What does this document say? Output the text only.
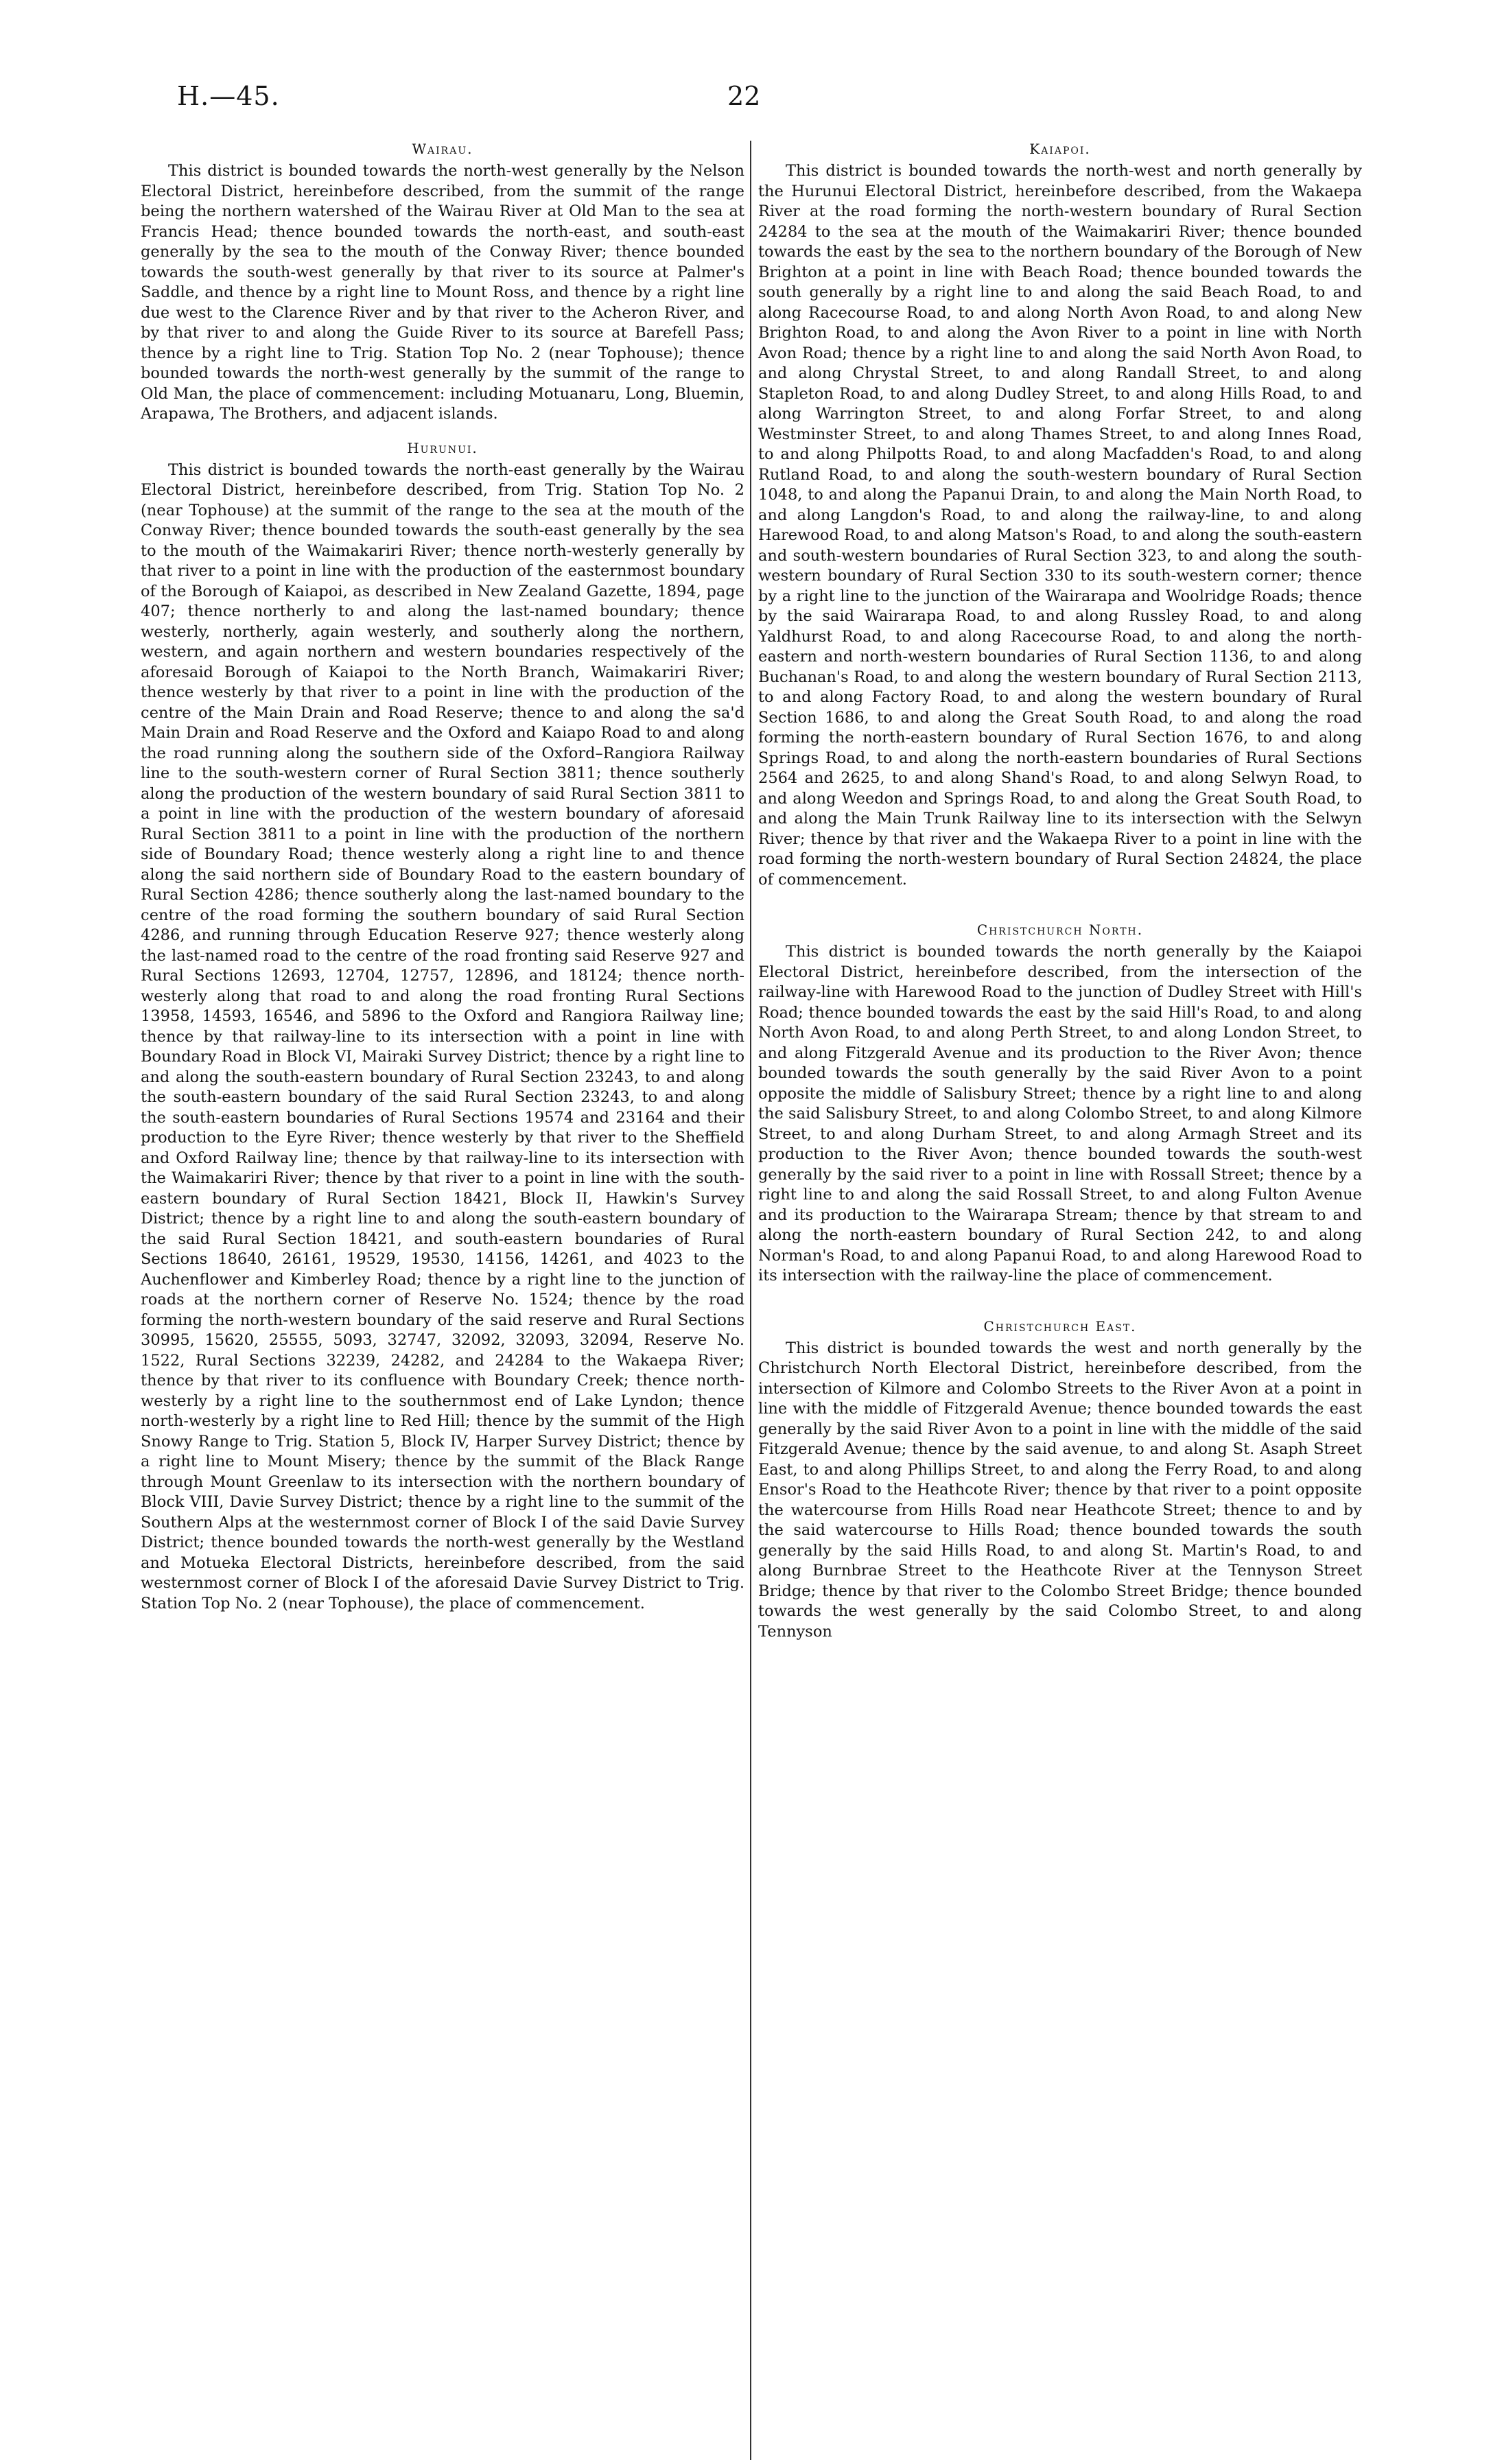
H.—45.	22
Wairau.

This district is bounded towards the north-west generally by the Nelson Electoral District, hereinbefore described, from the summit of the range being the northern watershed of the Wairau River at Old Man to the sea at Francis Head; thence bounded towards the north-east, and south-east generally by the sea to the mouth of the Conway River; thence bounded towards the south-west generally by that river to its source at Palmer's Saddle, and thence by a right line to Mount Ross, and thence by a right line due west to the Clarence River and by that river to the Acheron River, and by that river to and along the Guide River to its source at Barefell Pass; thence by a right line to Trig. Station Top No. 2 (near Tophouse); thence bounded towards the north-west generally by the summit of the range to Old Man, the place of commencement: including Motuanaru, Long, Bluemin, Arapawa, The Brothers, and adjacent islands.

Hurunui.

This district is bounded towards the north-east generally by the Wairau Electoral District, hereinbefore described, from Trig. Station Top No. 2 (near Tophouse) at the summit of the range to the sea at the mouth of the Conway River; thence bounded towards the south-east generally by the sea to the mouth of the Waimakariri River; thence north-westerly generally by that river to a point in line with the production of the easternmost boundary of the Borough of Kaiapoi, as described in New Zealand Gazette, 1894, page 407; thence northerly to and along the last-named boundary; thence westerly, northerly, again westerly, and southerly along the northern, western, and again northern and western boundaries respectively of the aforesaid Borough of Kaiapoi to the North Branch, Waimakariri River; thence westerly by that river to a point in line with the production of the centre of the Main Drain and Road Reserve; thence to and along the sa'd Main Drain and Road Reserve and the Oxford and Kaiapo Road to and along the road running along the southern side of the Oxford–Rangiora Railway line to the south-western corner of Rural Section 3811; thence southerly along the production of the western boundary of said Rural Section 3811 to a point in line with the production of the western boundary of aforesaid Rural Section 3811 to a point in line with the production of the northern side of Boundary Road; thence westerly along a right line to and thence along the said northern side of Boundary Road to the eastern boundary of Rural Section 4286; thence southerly along the last-named boundary to the centre of the road forming the southern boundary of said Rural Section 4286, and running through Education Reserve 927; thence westerly along the last-named road to the centre of the road fronting said Reserve 927 and Rural Sections 12693, 12704, 12757, 12896, and 18124; thence north-westerly along that road to and along the road fronting Rural Sections 13958, 14593, 16546, and 5896 to the Oxford and Rangiora Railway line; thence by that railway-line to its intersection with a point in line with Boundary Road in Block VI, Mairaki Survey District; thence by a right line to and along the south-eastern boundary of Rural Section 23243, to and along the south-eastern boundary of the said Rural Section 23243, to and along the south-eastern boundaries of Rural Sections 19574 and 23164 and their production to the Eyre River; thence westerly by that river to the Sheffield and Oxford Railway line; thence by that railway-line to its intersection with the Waimakariri River; thence by that river to a point in line with the south-eastern boundary of Rural Section 18421, Block II, Hawkin's Survey District; thence by a right line to and along the south-eastern boundary of the said Rural Section 18421, and south-eastern boundaries of Rural Sections 18640, 26161, 19529, 19530, 14156, 14261, and 4023 to the Auchenflower and Kimberley Road; thence by a right line to the junction of roads at the northern corner of Reserve No. 1524; thence by the road forming the north-western boundary of the said reserve and Rural Sections 30995, 15620, 25555, 5093, 32747, 32092, 32093, 32094, Reserve No. 1522, Rural Sections 32239, 24282, and 24284 to the Wakaepa River; thence by that river to its confluence with Boundary Creek; thence north-westerly by a right line to the southernmost end of Lake Lyndon; thence north-westerly by a right line to Red Hill; thence by the summit of the High Snowy Range to Trig. Station 5, Block IV, Harper Survey District; thence by a right line to Mount Misery; thence by the summit of the Black Range through Mount Greenlaw to its intersection with the northern boundary of Block VIII, Davie Survey District; thence by a right line to the summit of the Southern Alps at the westernmost corner of Block I of the said Davie Survey District; thence bounded towards the north-west generally by the Westland and Motueka Electoral Districts, hereinbefore described, from the said westernmost corner of Block I of the aforesaid Davie Survey District to Trig. Station Top No. 2 (near Tophouse), the place of commencement.

Kaiapoi.

This district is bounded towards the north-west and north generally by the Hurunui Electoral District, hereinbefore described, from the Wakaepa River at the road forming the north-western boundary of Rural Section 24284 to the sea at the mouth of the Waimakariri River; thence bounded towards the east by the sea to the northern boundary of the Borough of New Brighton at a point in line with Beach Road; thence bounded towards the south generally by a right line to and along the said Beach Road, to and along Racecourse Road, to and along North Avon Road, to and along New Brighton Road, to and along the Avon River to a point in line with North Avon Road; thence by a right line to and along the said North Avon Road, to and along Chrystal Street, to and along Randall Street, to and along Stapleton Road, to and along Dudley Street, to and along Hills Road, to and along Warrington Street, to and along Forfar Street, to and along Westminster Street, to and along Thames Street, to and along Innes Road, to and along Philpotts Road, to and along Macfadden's Road, to and along Rutland Road, to and along the south-western boundary of Rural Section 1048, to and along the Papanui Drain, to and along the Main North Road, to and along Langdon's Road, to and along the railway-line, to and along Harewood Road, to and along Matson's Road, to and along the south-eastern and south-western boundaries of Rural Section 323, to and along the south-western boundary of Rural Section 330 to its south-western corner; thence by a right line to the junction of the Wairarapa and Woolridge Roads; thence by the said Wairarapa Road, to and along Russley Road, to and along Yaldhurst Road, to and along Racecourse Road, to and along the north-eastern and north-western boundaries of Rural Section 1136, to and along Buchanan's Road, to and along the western boundary of Rural Section 2113, to and along Factory Road, to and along the western boundary of Rural Section 1686, to and along the Great South Road, to and along the road forming the north-eastern boundary of Rural Section 1676, to and along Springs Road, to and along the north-eastern boundaries of Rural Sections 2564 and 2625, to and along Shand's Road, to and along Selwyn Road, to and along Weedon and Springs Road, to and along the Great South Road, to and along the Main Trunk Railway line to its intersection with the Selwyn River; thence by that river and the Wakaepa River to a point in line with the road forming the north-western boundary of Rural Section 24824, the place of commencement.

Christchurch North.

This district is bounded towards the north generally by the Kaiapoi Electoral District, hereinbefore described, from the intersection of the railway-line with Harewood Road to the junction of Dudley Street with Hill's Road; thence bounded towards the east by the said Hill's Road, to and along North Avon Road, to and along Perth Street, to and along London Street, to and along Fitzgerald Avenue and its production to the River Avon; thence bounded towards the south generally by the said River Avon to a point opposite the middle of Salisbury Street; thence by a right line to and along the said Salisbury Street, to and along Colombo Street, to and along Kilmore Street, to and along Durham Street, to and along Armagh Street and its production to the River Avon; thence bounded towards the south-west generally by the said river to a point in line with Rossall Street; thence by a right line to and along the said Rossall Street, to and along Fulton Avenue and its production to the Wairarapa Stream; thence by that stream to and along the north-eastern boundary of Rural Section 242, to and along Norman's Road, to and along Papanui Road, to and along Harewood Road to its intersection with the railway-line the place of commencement.

Christchurch East.

This district is bounded towards the west and north generally by the Christchurch North Electoral District, hereinbefore described, from the intersection of Kilmore and Colombo Streets to the River Avon at a point in line with the middle of Fitzgerald Avenue; thence bounded towards the east generally by the said River Avon to a point in line with the middle of the said Fitzgerald Avenue; thence by the said avenue, to and along St. Asaph Street East, to and along Phillips Street, to and along the Ferry Road, to and along Ensor's Road to the Heathcote River; thence by that river to a point opposite the watercourse from Hills Road near Heathcote Street; thence to and by the said watercourse to Hills Road; thence bounded towards the south generally by the said Hills Road, to and along St. Martin's Road, to and along Burnbrae Street to the Heathcote River at the Tennyson Street Bridge; thence by that river to the Colombo Street Bridge; thence bounded towards the west generally by the said Colombo Street, to and along Tennyson
